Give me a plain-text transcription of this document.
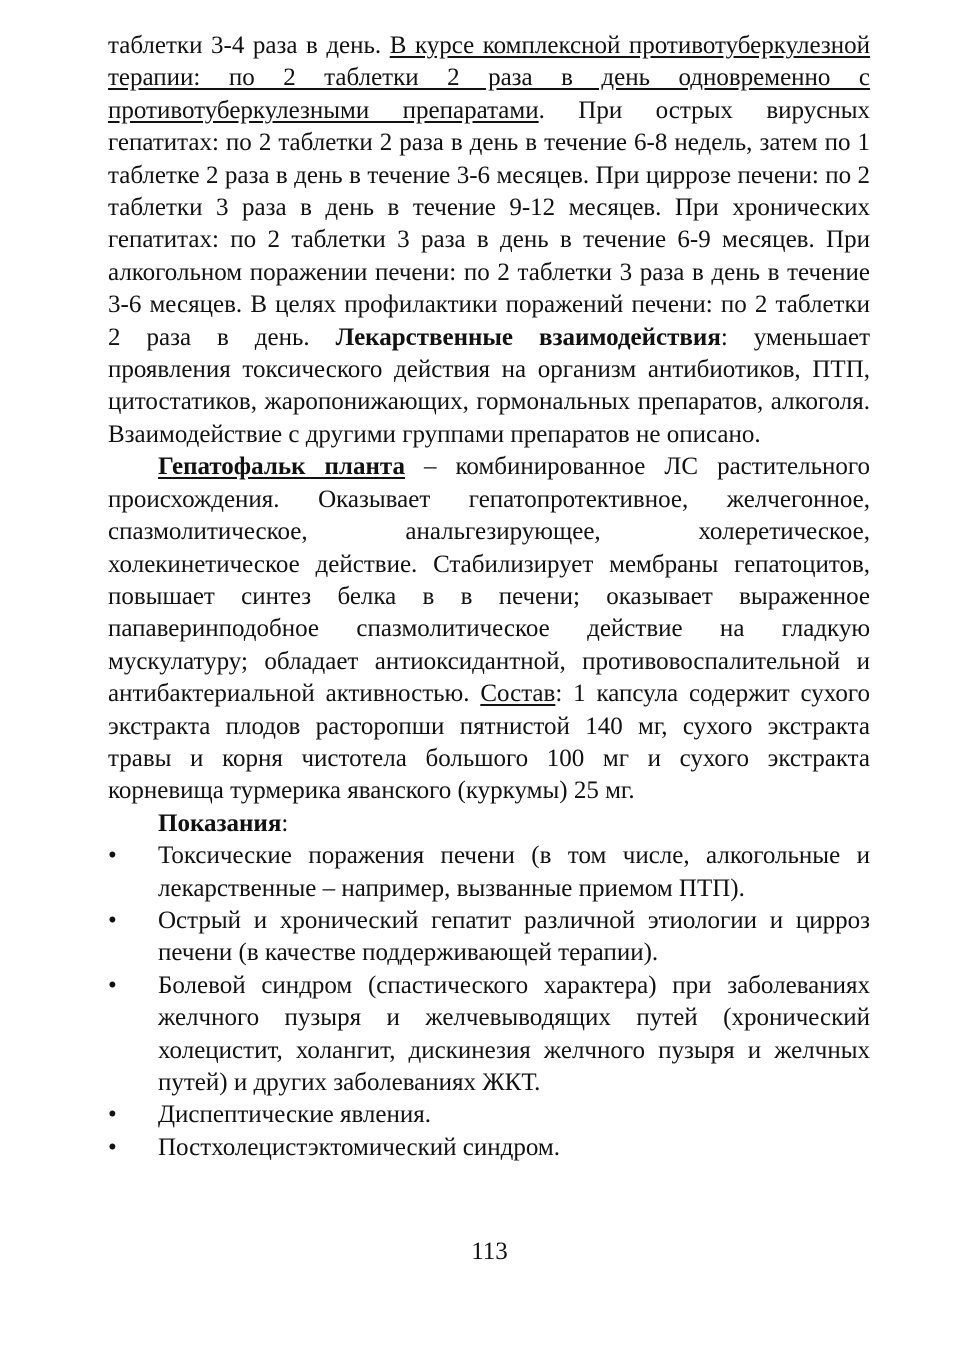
таблетки 3-4 раза в день. В курсе комплексной противотуберкулезной терапии: по 2 таблетки 2 раза в день одновременно с противотуберкулезными препаратами. При острых вирусных гепатитах: по 2 таблетки 2 раза в день в течение 6-8 недель, затем по 1 таблетке 2 раза в день в течение 3-6 месяцев. При циррозе печени: по 2 таблетки 3 раза в день в течение 9-12 месяцев. При хронических гепатитах: по 2 таблетки 3 раза в день в течение 6-9 месяцев. При алкогольном поражении печени: по 2 таблетки 3 раза в день в течение 3-6 месяцев. В целях профилактики поражений печени: по 2 таблетки 2 раза в день. Лекарственные взаимодействия: уменьшает проявления токсического действия на организм антибиотиков, ПТП, цитостатиков, жаропонижающих, гормональных препаратов, алкоголя. Взаимодействие с другими группами препаратов не описано.

Гепатофальк планта – комбинированное ЛС растительного происхождения. Оказывает гепатопротективное, желчегонное, спазмолитическое, анальгезирующее, холеретическое, холекинетическое действие. Стабилизирует мембраны гепатоцитов, повышает синтез белка в в печени; оказывает выраженное папаверинподобное спазмолитическое действие на гладкую мускулатуру; обладает антиоксидантной, противовоспалительной и антибактериальной активностью. Состав: 1 капсула содержит сухого экстракта плодов расторопши пятнистой 140 мг, сухого экстракта травы и корня чистотела большого 100 мг и сухого экстракта корневища турмерика яванского (куркумы) 25 мг.

Показания:

•	Токсические поражения печени (в том числе, алкогольные и лекарственные – например, вызванные приемом ПТП).
•	Острый и хронический гепатит различной этиологии и цирроз печени (в качестве поддерживающей терапии).
•	Болевой синдром (спастического характера) при заболеваниях желчного пузыря и желчевыводящих путей (хронический холецистит, холангит, дискинезия желчного пузыря и желчных путей) и других заболеваниях ЖКТ.
•	Диспептические явления.
•	Постхолецистэктомический синдром.
113
